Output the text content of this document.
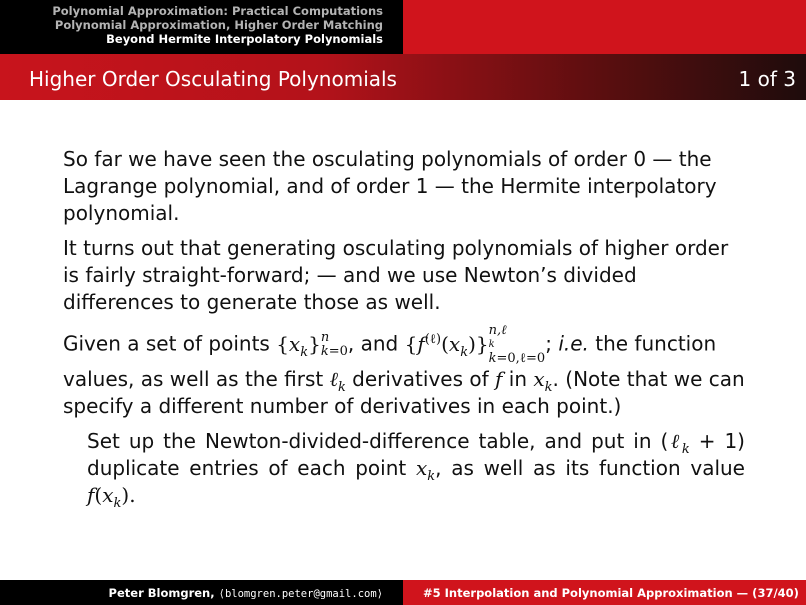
Polynomial Approximation: Practical Computations
Polynomial Approximation, Higher Order Matching
Beyond Hermite Interpolatory Polynomials
Higher Order Osculating Polynomials	1 of 3

So far we have seen the osculating polynomials of order 0 — the Lagrange polynomial, and of order 1 — the Hermite interpolatory polynomial.

It turns out that generating osculating polynomials of higher order is fairly straight-forward; — and we use Newton’s divided differences to generate those as well.

Given a set of points $\{x_k\}$ n
k=0 , and $\{f^{(\ell)}(x_k)\}$
n,ℓ
k
k=0,ℓ=0
; i.e. the function values, as well as the first ℓ$_k$ derivatives of f in $x_k$. (Note that we can specify a different number of derivatives in each point.)

Set up the Newton-divided-difference table, and put in (ℓ$_k$ + 1) duplicate entries of each point $x_k$, as well as its function value $f(x_k)$.

Peter Blomgren, ⟨blomgren.peter@gmail.com⟩	#5 Interpolation and Polynomial Approximation — (37/40)
